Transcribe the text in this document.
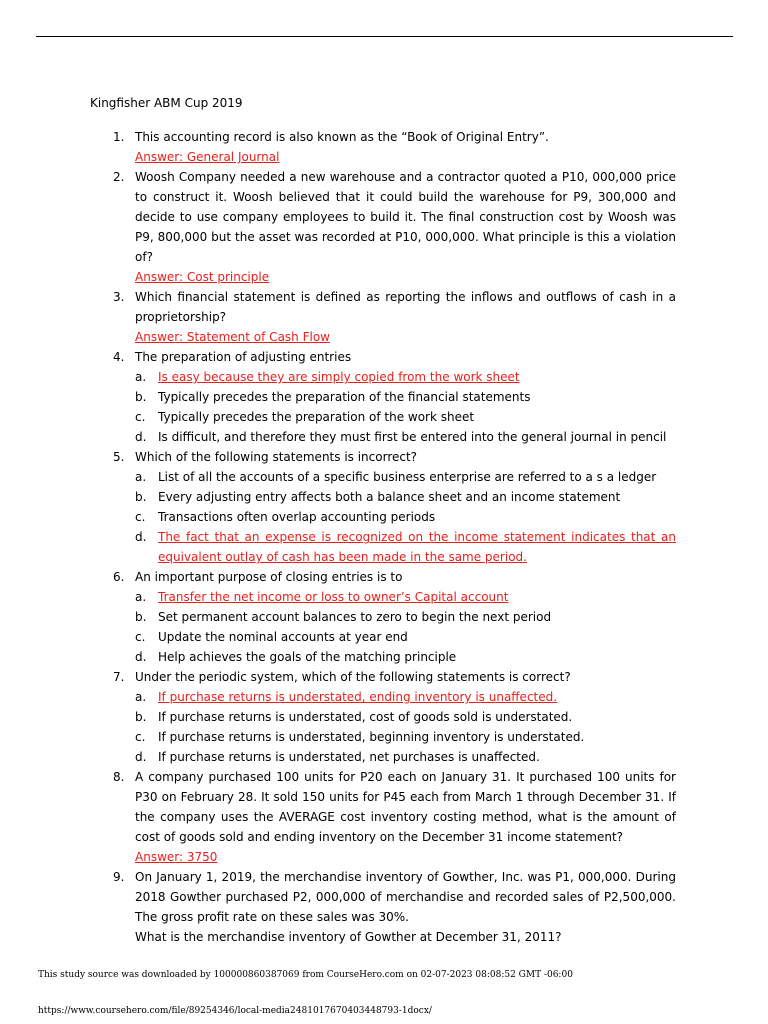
Kingfisher ABM Cup 2019
1. This accounting record is also known as the “Book of Original Entry”.
Answer: General Journal
2. Woosh Company needed a new warehouse and a contractor quoted a P10, 000,000 price to construct it. Woosh believed that it could build the warehouse for P9, 300,000 and decide to use company employees to build it. The final construction cost by Woosh was P9, 800,000 but the asset was recorded at P10, 000,000. What principle is this a violation of?
Answer: Cost principle
3. Which financial statement is defined as reporting the inflows and outflows of cash in a proprietorship?
Answer: Statement of Cash Flow
4. The preparation of adjusting entries
a. Is easy because they are simply copied from the work sheet
b. Typically precedes the preparation of the financial statements
c. Typically precedes the preparation of the work sheet
d. Is difficult, and therefore they must first be entered into the general journal in pencil
5. Which of the following statements is incorrect?
a. List of all the accounts of a specific business enterprise are referred to a s a ledger
b. Every adjusting entry affects both a balance sheet and an income statement
c. Transactions often overlap accounting periods
d. The fact that an expense is recognized on the income statement indicates that an equivalent outlay of cash has been made in the same period.
6. An important purpose of closing entries is to
a. Transfer the net income or loss to owner’s Capital account
b. Set permanent account balances to zero to begin the next period
c. Update the nominal accounts at year end
d. Help achieves the goals of the matching principle
7. Under the periodic system, which of the following statements is correct?
a. If purchase returns is understated, ending inventory is unaffected.
b. If purchase returns is understated, cost of goods sold is understated.
c. If purchase returns is understated, beginning inventory is understated.
d. If purchase returns is understated, net purchases is unaffected.
8. A company purchased 100 units for P20 each on January 31. It purchased 100 units for P30 on February 28. It sold 150 units for P45 each from March 1 through December 31. If the company uses the AVERAGE cost inventory costing method, what is the amount of cost of goods sold and ending inventory on the December 31 income statement?
Answer: 3750
9. On January 1, 2019, the merchandise inventory of Gowther, Inc. was P1, 000,000. During 2018 Gowther purchased P2, 000,000 of merchandise and recorded sales of P2,500,000. The gross profit rate on these sales was 30%.
What is the merchandise inventory of Gowther at December 31, 2011?
This study source was downloaded by 100000860387069 from CourseHero.com on 02-07-2023 08:08:52 GMT -06:00
https://www.coursehero.com/file/89254346/local-media2481017670403448793-1docx/
